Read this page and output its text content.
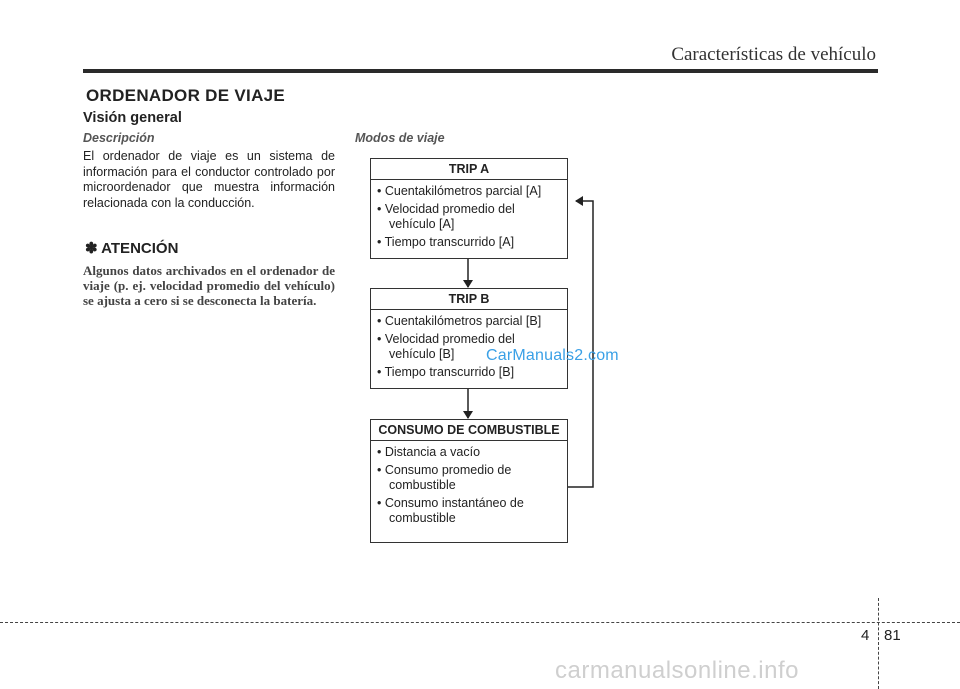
Características de vehículo
ORDENADOR DE VIAJE
Visión general
Descripción
El ordenador de viaje es un sistema de información para el conductor controlado por microordenador que muestra información relacionada con la conducción.
✽ ATENCIÓN
Algunos datos archivados en el ordenador de viaje (p. ej. velocidad promedio del vehículo) se ajusta a cero si se desconecta la batería.
Modos de viaje
TRIP A
• Cuentakilómetros parcial [A]
• Velocidad promedio del
vehículo [A]
• Tiempo transcurrido [A]
TRIP B
• Cuentakilómetros parcial [B]
• Velocidad promedio del
vehículo [B]
• Tiempo transcurrido [B]
CONSUMO DE COMBUSTIBLE
• Distancia a vacío
• Consumo promedio de
combustible
• Consumo instantáneo de
combustible
CarManuals2.com
4 81
carmanualsonline.info
